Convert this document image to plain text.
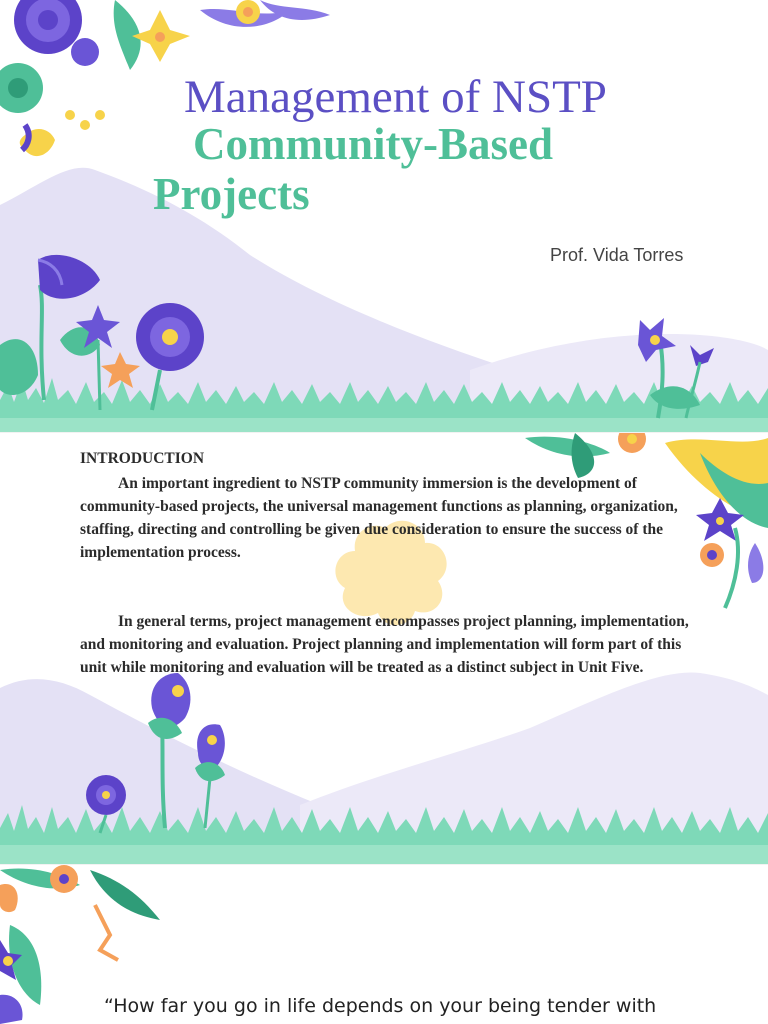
Management of NSTP
Community-Based
Projects
Prof. Vida Torres
INTRODUCTION

An important ingredient to NSTP community immersion is the development of community-based projects, the universal management functions as planning, organization, staffing, directing and controlling be given due consideration to ensure the success of the implementation process.

In general terms, project management encompasses project planning, implementation, and monitoring and evaluation. Project planning and implementation will form part of this unit while monitoring and evaluation will be treated as a distinct subject in Unit Five.

“How far you go in life depends on your being tender with
